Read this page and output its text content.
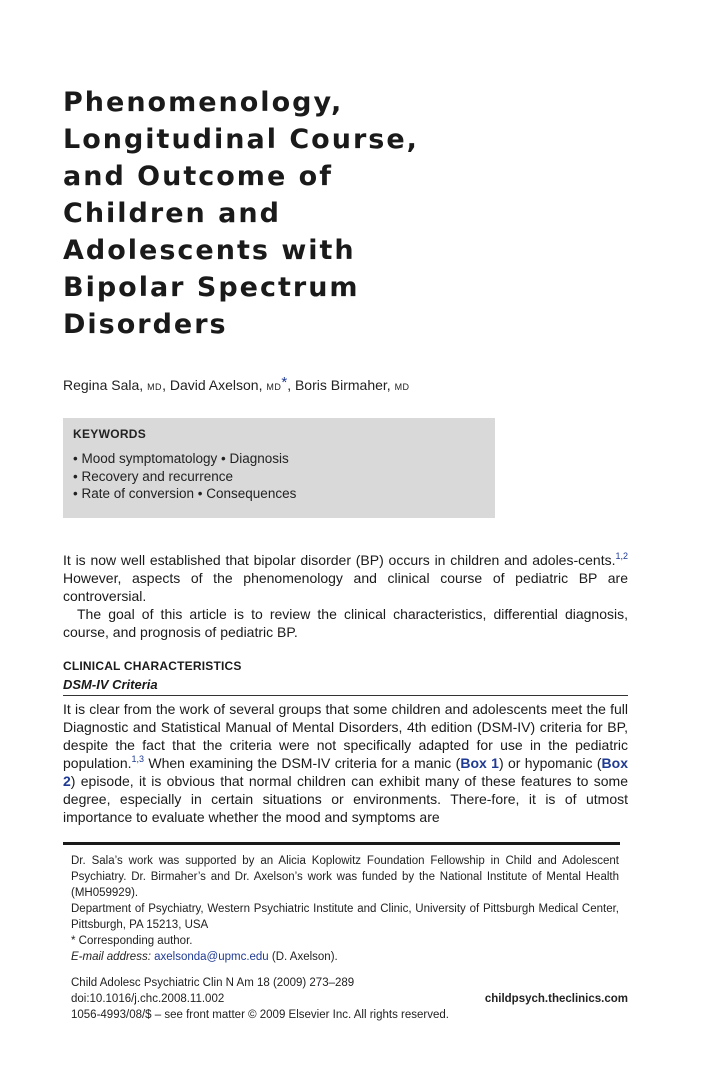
Phenomenology,
Longitudinal Course,
and Outcome of
Children and
Adolescents with
Bipolar Spectrum
Disorders
Regina Sala, MD, David Axelson, MD*, Boris Birmaher, MD
KEYWORDS
• Mood symptomatology • Diagnosis
• Recovery and recurrence
• Rate of conversion • Consequences

It is now well established that bipolar disorder (BP) occurs in children and adoles-cents.$^{1,2}$ However, aspects of the phenomenology and clinical course of pediatric BP are controversial.

The goal of this article is to review the clinical characteristics, differential diagnosis, course, and prognosis of pediatric BP.

CLINICAL CHARACTERISTICS
DSM-IV Criteria

It is clear from the work of several groups that some children and adolescents meet the full Diagnostic and Statistical Manual of Mental Disorders, 4th edition (DSM-IV) criteria for BP, despite the fact that the criteria were not specifically adapted for use in the pediatric population.$^{1,3}$ When examining the DSM-IV criteria for a manic (Box 1) or hypomanic (Box 2) episode, it is obvious that normal children can exhibit many of these features to some degree, especially in certain situations or environments. There-fore, it is of utmost importance to evaluate whether the mood and symptoms are

Dr. Sala’s work was supported by an Alicia Koplowitz Foundation Fellowship in Child and Adolescent Psychiatry. Dr. Birmaher’s and Dr. Axelson’s work was funded by the National Institute of Mental Health (MH059929).

Department of Psychiatry, Western Psychiatric Institute and Clinic, University of Pittsburgh Medical Center, Pittsburgh, PA 15213, USA

* Corresponding author.

E-mail address: axelsonda@upmc.edu (D. Axelson).

Child Adolesc Psychiatric Clin N Am 18 (2009) 273–289
doi:10.1016/j.chc.2008.11.002
1056-4993/08/$ – see front matter © 2009 Elsevier Inc. All rights reserved.
childpsych.theclinics.com
